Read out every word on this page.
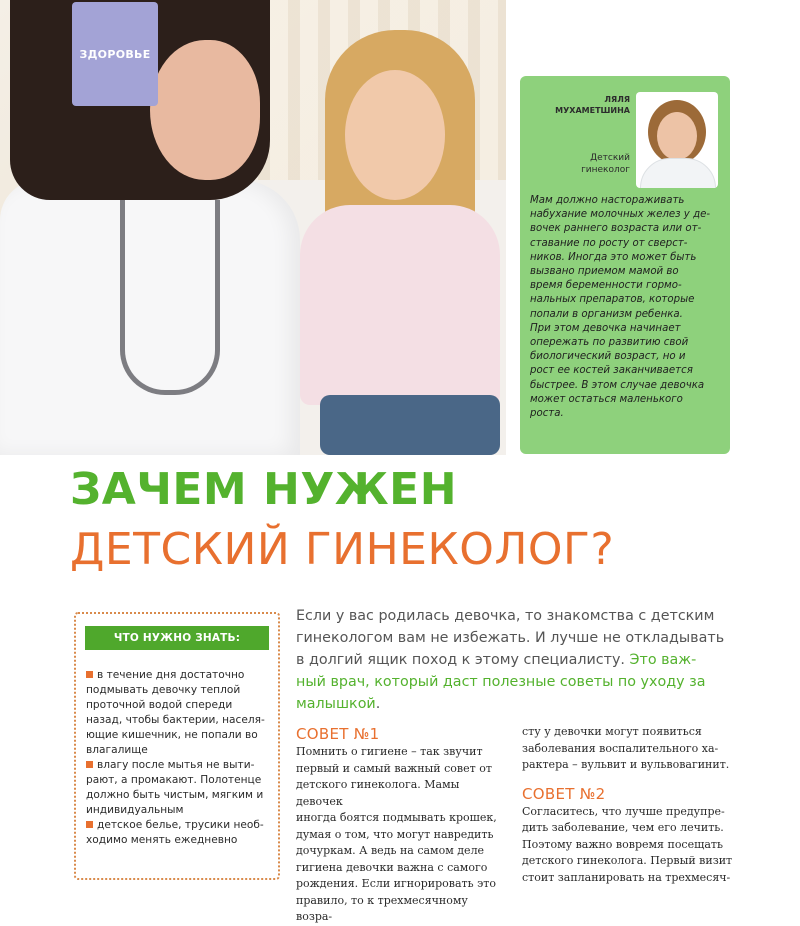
ЗДОРОВЬЕ
ЛЯЛЯ
МУХАМЕТШИНА
Детский
гинеколог

Мам должно настораживать

набухание молочных желез у де-

вочек раннего возраста или от-

ставание по росту от сверст-

ников. Иногда это может быть

вызвано приемом мамой во

время беременности гормо-

нальных препаратов, которые

попали в организм ребенка.

При этом девочка начинает

опережать по развитию свой

биологический возраст, но и

рост ее костей заканчивается

быстрее. В этом случае девочка

может остаться маленького

роста.

ЗАЧЕМ НУЖЕН
ДЕТСКИЙ ГИНЕКОЛОГ?
ЧТО НУЖНО ЗНАТЬ:
в течение дня достаточно
подмывать девочку теплой
проточной водой спереди
назад, чтобы бактерии, населя-
ющие кишечник, не попали во
влагалище
влагу после мытья не выти-
рают, а промакают. Полотенце
должно быть чистым, мягким и
индивидуальным
детское белье, трусики необ-
ходимо менять ежедневно
Если у вас родилась девочка, то знакомства с детским
гинекологом вам не избежать. И лучше не откладывать
в долгий ящик поход к этому специалисту. Это важ-
ный врач, который даст полезные советы по уходу за
малышкой.
СОВЕТ №1

Помнить о гигиене – так звучит

первый и самый важный совет от

детского гинеколога. Мамы девочек

иногда боятся подмывать крошек,

думая о том, что могут навредить

дочуркам. А ведь на самом деле

гигиена девочки важна с самого

рождения. Если игнорировать это

правило, то к трехмесячному возра-

сту у девочки могут появиться

заболевания воспалительного ха-

рактера – вульвит и вульвовагинит.

СОВЕТ №2

Согласитесь, что лучше предупре-

дить заболевание, чем его лечить.

Поэтому важно вовремя посещать

детского гинеколога. Первый визит

стоит запланировать на трехмесяч-
